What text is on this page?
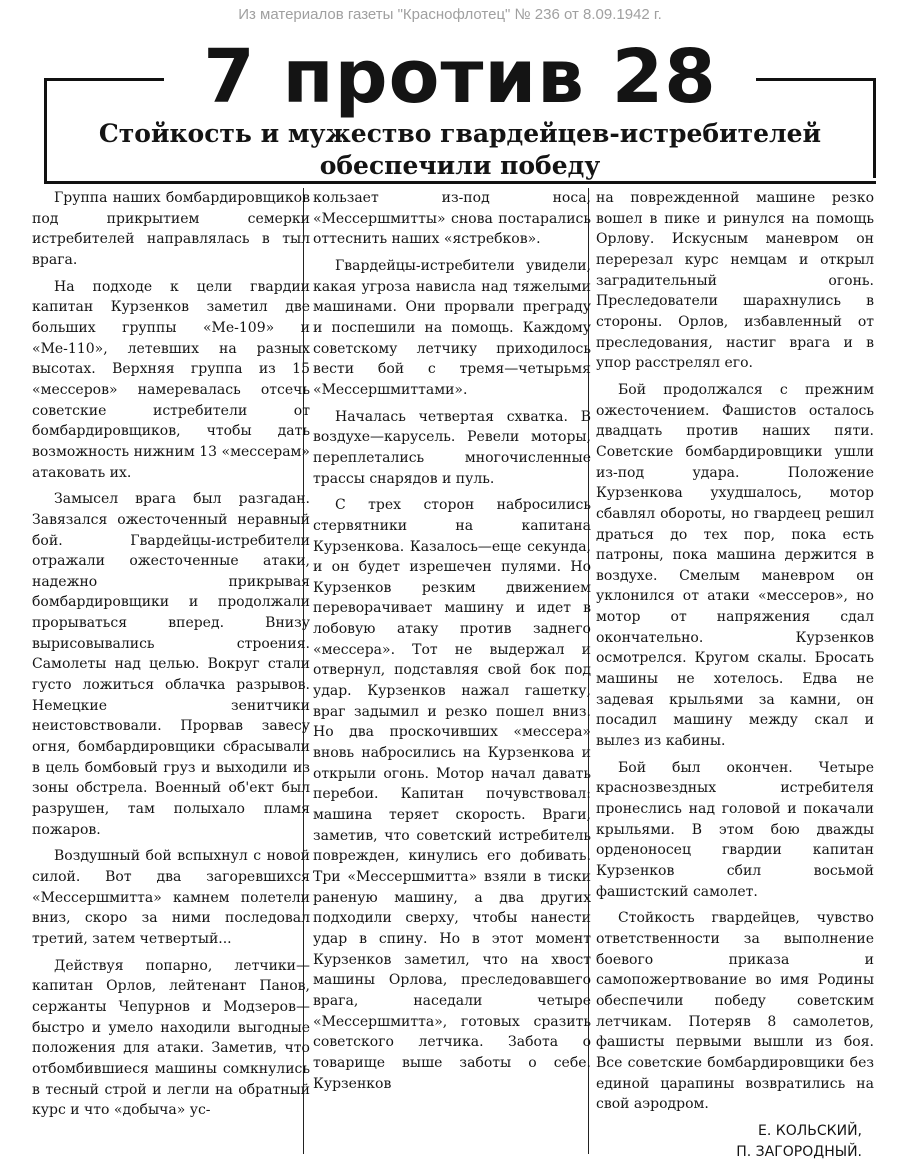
Из материалов газеты "Краснофлотец" № 236 от 8.09.1942 г.
7 против 28
Стойкость и мужество гвардейцев-истребителей
обеспечили победу

Группа наших бомбардировщиков под прикрытием семерки истребителей направлялась в тыл врага.

На подходе к цели гвардии капитан Курзенков заметил две больших группы «Ме-109» и «Ме-110», летевших на разных высотах. Верхняя группа из 15 «мессеров» намеревалась отсечь советские истребители от бомбардировщиков, чтобы дать возможность нижним 13 «мессерам» атаковать их.

Замысел врага был разгадан. Завязался ожесточенный неравный бой. Гвардейцы-истребители отражали ожесточенные атаки, надежно прикрывая бомбардировщики и продолжали прорываться вперед. Внизу вырисовывались строения. Самолеты над целью. Вокруг стали густо ложиться облачка разрывов. Немецкие зенитчики неистовствовали. Прорвав завесу огня, бомбардировщики сбрасывали в цель бомбовый груз и выходили из зоны обстрела. Военный об'ект был разрушен, там полыхало пламя пожаров.

Воздушный бой вспыхнул с новой силой. Вот два загоревшихся «Мессершмитта» камнем полетели вниз, скоро за ними последовал третий, затем четвертый...

Действуя попарно, летчики— капитан Орлов, лейтенант Панов, сержанты Чепурнов и Модзеров—быстро и умело находили выгодные положения для атаки. Заметив, что отбомбившиеся машины сомкнулись в тесный строй и легли на обратный курс и что «добыча» ус-

кользает из-под носа, «Мессершмитты» снова постарались оттеснить наших «ястребков».

Гвардейцы-истребители увидели, какая угроза нависла над тяжелыми машинами. Они прорвали преграду и поспешили на помощь. Каждому советскому летчику приходилось вести бой с тремя—четырьмя «Мессершмиттами».

Началась четвертая схватка. В воздухе—карусель. Ревели моторы, переплетались многочисленные трассы снарядов и пуль.

С трех сторон набросились стервятники на капитана Курзенкова. Казалось—еще секунда, и он будет изрешечен пулями. Но Курзенков резким движением переворачивает машину и идет в лобовую атаку против заднего «мессера». Тот не выдержал и отвернул, подставляя свой бок под удар. Курзенков нажал гашетку, враг задымил и резко пошел вниз. Но два проскочивших «мессера» вновь набросились на Курзенкова и открыли огонь. Мотор начал давать перебои. Капитан почувствовал: машина теряет скорость. Враги, заметив, что советский истребитель поврежден, кинулись его добивать. Три «Мессершмитта» взяли в тиски раненую машину, а два других подходили сверху, чтобы нанести удар в спину. Но в этот момент Курзенков заметил, что на хвост машины Орлова, преследовавшего врага, наседали четыре «Мессершмитта», готовых сразить советского летчика. Забота о товарище выше заботы о себе. Курзенков

на поврежденной машине резко вошел в пике и ринулся на помощь Орлову. Искусным маневром он перерезал курс немцам и открыл заградительный огонь. Преследователи шарахнулись в стороны. Орлов, избавленный от преследования, настиг врага и в упор расстрелял его.

Бой продолжался с прежним ожесточением. Фашистов осталось двадцать против наших пяти. Советские бомбардировщики ушли из-под удара. Положение Курзенкова ухудшалось, мотор сбавлял обороты, но гвардеец решил драться до тех пор, пока есть патроны, пока машина держится в воздухе. Смелым маневром он уклонился от атаки «мессеров», но мотор от напряжения сдал окончательно. Курзенков осмотрелся. Кругом скалы. Бросать машины не хотелось. Едва не задевая крыльями за камни, он посадил машину между скал и вылез из кабины.

Бой был окончен. Четыре краснозвездных истребителя пронеслись над головой и покачали крыльями. В этом бою дважды орденоносец гвардии капитан Курзенков сбил восьмой фашистский самолет.

Стойкость гвардейцев, чувство ответственности за выполнение боевого приказа и самопожертвование во имя Родины обеспечили победу советским летчикам. Потеряв 8 самолетов, фашисты первыми вышли из боя. Все советские бомбардировщики без единой царапины возвратились на свой аэродром.

Е. КОЛЬСКИЙ,
П. ЗАГОРОДНЫЙ.
